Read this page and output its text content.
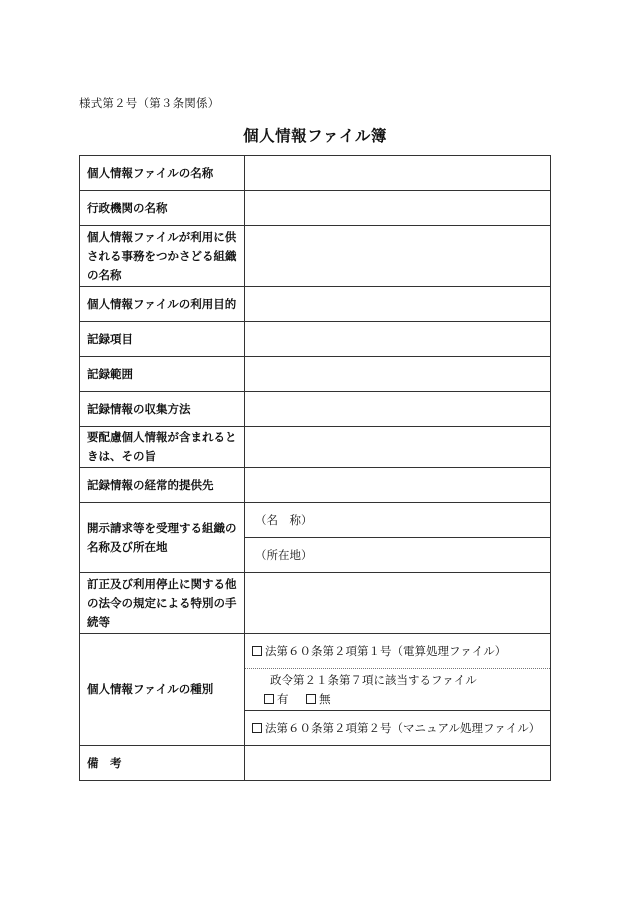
様式第２号（第３条関係）
個人情報ファイル簿
個人情報ファイルの名称	
行政機関の名称	
個人情報ファイルが利用に供される事務をつかさどる組織の名称	
個人情報ファイルの利用目的	
記録項目	
記録範囲	
記録情報の収集方法	
要配慮個人情報が含まれるときは、その旨	
記録情報の経常的提供先	
開示請求等を受理する組織の名称及び所在地	（名　称）
	（所在地）
訂正及び利用停止に関する他の法令の規定による特別の手続等	
個人情報ファイルの種別	法第６０条第２項第１号（電算処理ファイル）
政令第２１条第７項に該当するファイル
有 無
法第６０条第２項第２号（マニュアル処理ファイル）

備　考	
